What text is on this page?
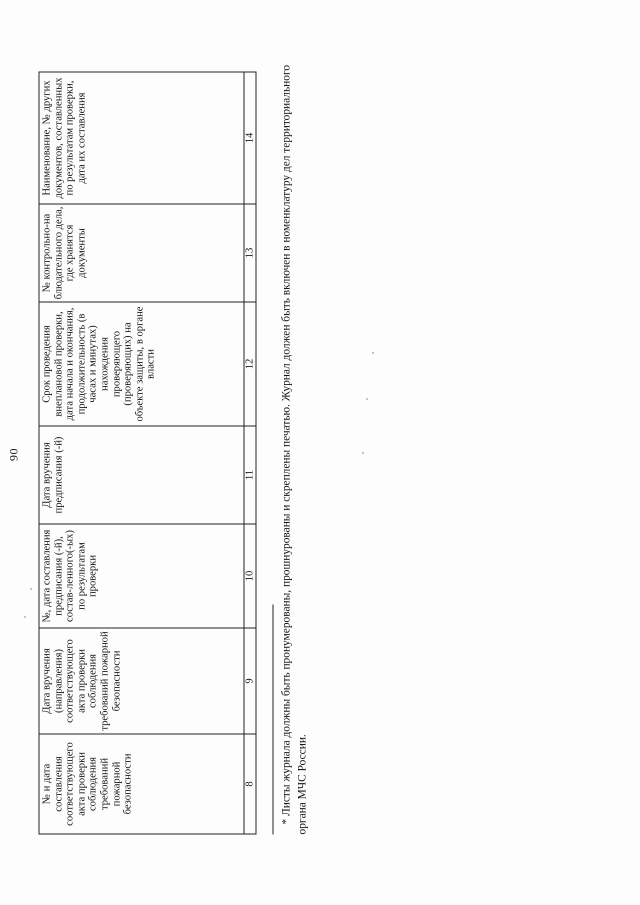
90
№ и дата составления соответствующего акта проверки соблюдения требований пожарной безопасности	Дата вручения (направления) соответствующего акта проверки соблюдения требований пожарной безопасности	№, дата составления предписания (-й), состав-ленного(-ых) по результатам проверки	Дата вручения предписания (-й)	Срок проведения внеплановой проверки, дата начала и окончания, продолжительность (в часах и минутах) нахождения проверяющего (проверяющих) на объекте защиты, в органе власти	№ контрольно-на блюдательного дела, где хранятся документы	Наименование, № других документов, составленных по результатам проверки, дата их составления
8	9	10	11	12	13	14 * Листы журнала должны быть пронумерованы, прошнурованы и скреплены печатью. Журнал должен быть включен в номенклатуру дел территориального органа МЧС России.
